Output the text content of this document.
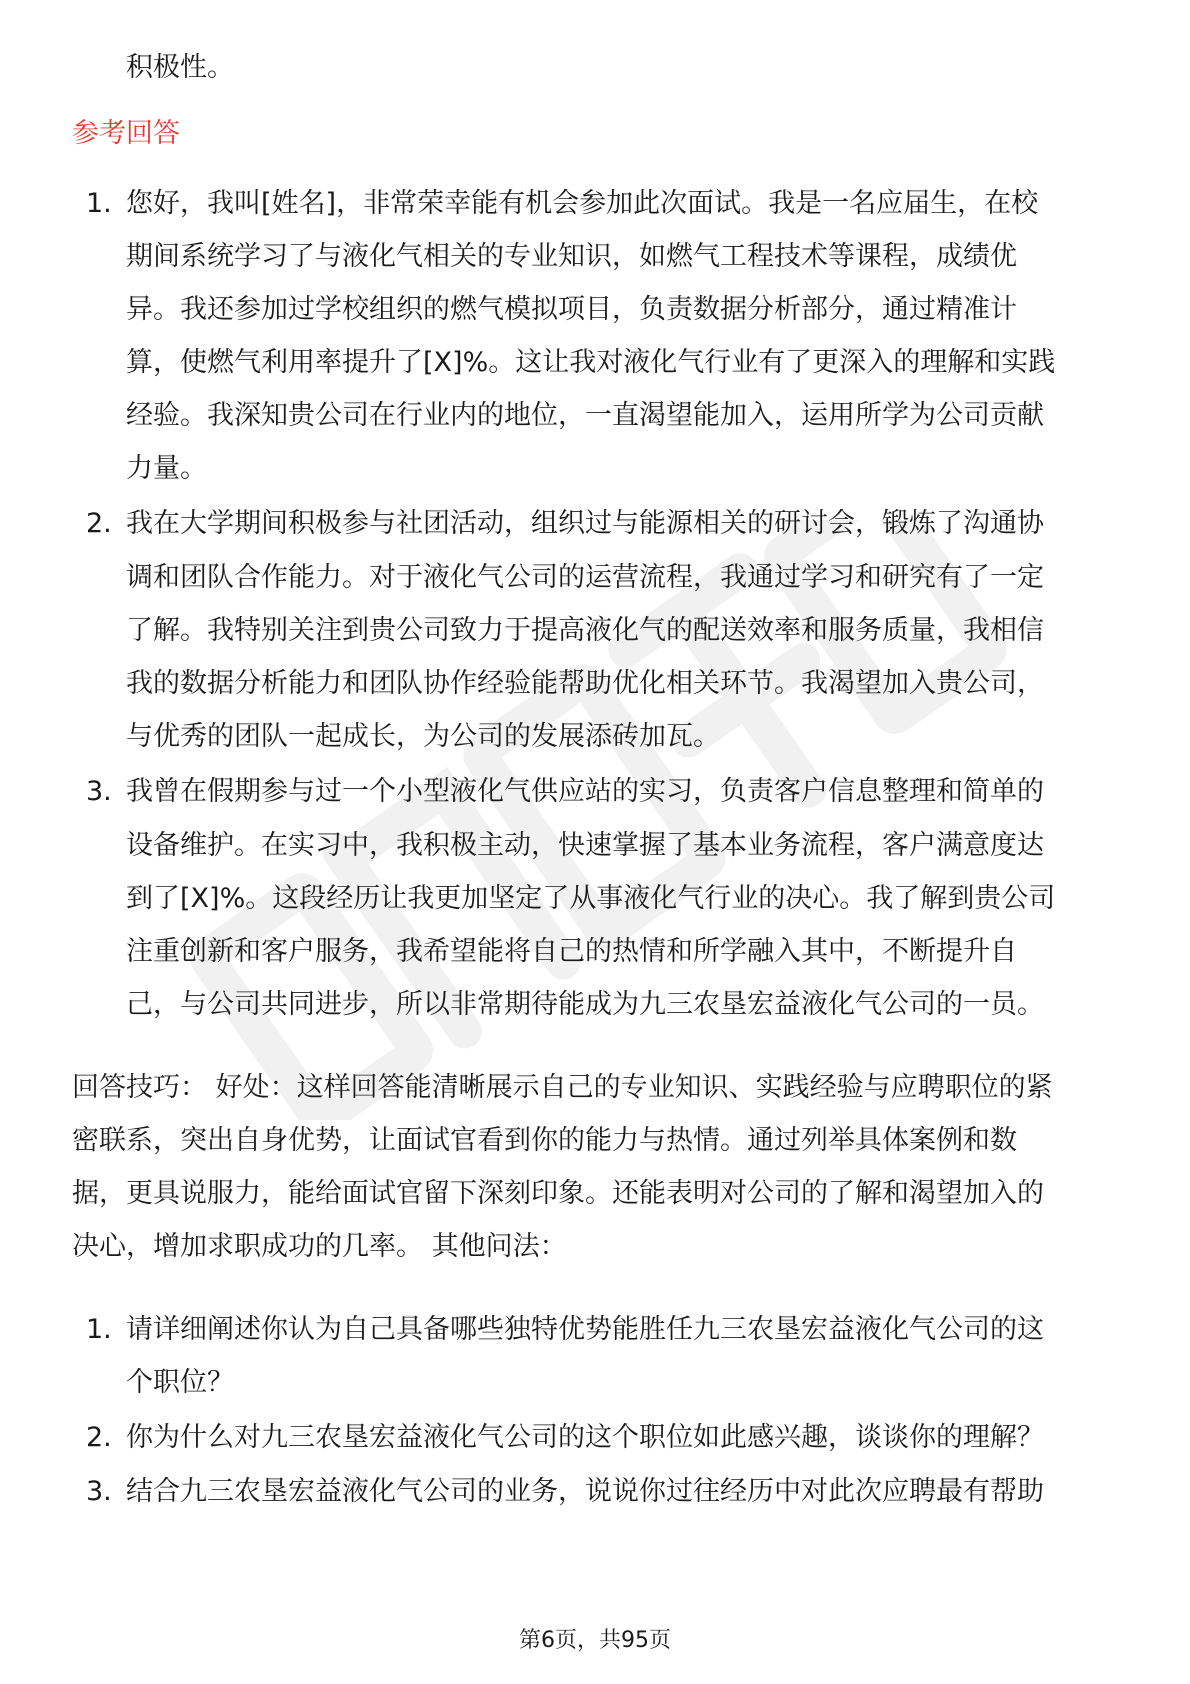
积极性。
参考回答
1. 您好，我叫[姓名]，非常荣幸能有机会参加此次面试。我是一名应届生，在校
期间系统学习了与液化气相关的专业知识，如燃气工程技术等课程，成绩优
异。我还参加过学校组织的燃气模拟项目，负责数据分析部分，通过精准计
算，使燃气利用率提升了[X]%。这让我对液化气行业有了更深入的理解和实践
经验。我深知贵公司在行业内的地位，一直渴望能加入，运用所学为公司贡献
力量。
2. 我在大学期间积极参与社团活动，组织过与能源相关的研讨会，锻炼了沟通协
调和团队合作能力。对于液化气公司的运营流程，我通过学习和研究有了一定
了解。我特别关注到贵公司致力于提高液化气的配送效率和服务质量，我相信
我的数据分析能力和团队协作经验能帮助优化相关环节。我渴望加入贵公司，
与优秀的团队一起成长，为公司的发展添砖加瓦。
3. 我曾在假期参与过一个小型液化气供应站的实习，负责客户信息整理和简单的
设备维护。在实习中，我积极主动，快速掌握了基本业务流程，客户满意度达
到了[X]%。这段经历让我更加坚定了从事液化气行业的决心。我了解到贵公司
注重创新和客户服务，我希望能将自己的热情和所学融入其中，不断提升自
己，与公司共同进步，所以非常期待能成为九三农垦宏益液化气公司的一员。
回答技巧： 好处：这样回答能清晰展示自己的专业知识、实践经验与应聘职位的紧
密联系，突出自身优势，让面试官看到你的能力与热情。通过列举具体案例和数
据，更具说服力，能给面试官留下深刻印象。还能表明对公司的了解和渴望加入的
决心，增加求职成功的几率。 其他问法：
1. 请详细阐述你认为自己具备哪些独特优势能胜任九三农垦宏益液化气公司的这
个职位？
2. 你为什么对九三农垦宏益液化气公司的这个职位如此感兴趣，谈谈你的理解？
3. 结合九三农垦宏益液化气公司的业务，说说你过往经历中对此次应聘最有帮助
第6页，共95页
